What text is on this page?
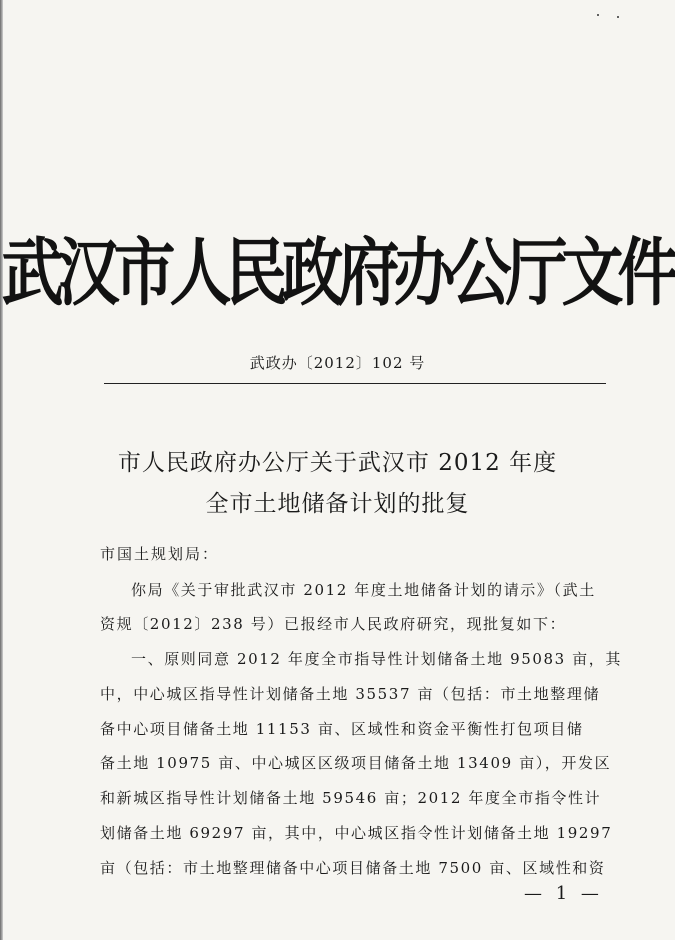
武汉市人民政府办公厅文件
武政办〔2012〕102 号
市人民政府办公厅关于武汉市 2012 年度
全市土地储备计划的批复
市国土规划局：
你局《关于审批武汉市 2012 年度土地储备计划的请示》（武土
资规〔2012〕238 号）已报经市人民政府研究，现批复如下：
一、原则同意 2012 年度全市指导性计划储备土地 95083 亩，其
中，中心城区指导性计划储备土地 35537 亩（包括：市土地整理储
备中心项目储备土地 11153 亩、区域性和资金平衡性打包项目储
备土地 10975 亩、中心城区区级项目储备土地 13409 亩），开发区
和新城区指导性计划储备土地 59546 亩；2012 年度全市指令性计
划储备土地 69297 亩，其中，中心城区指令性计划储备土地 19297
亩（包括：市土地整理储备中心项目储备土地 7500 亩、区域性和资
— 1 —
